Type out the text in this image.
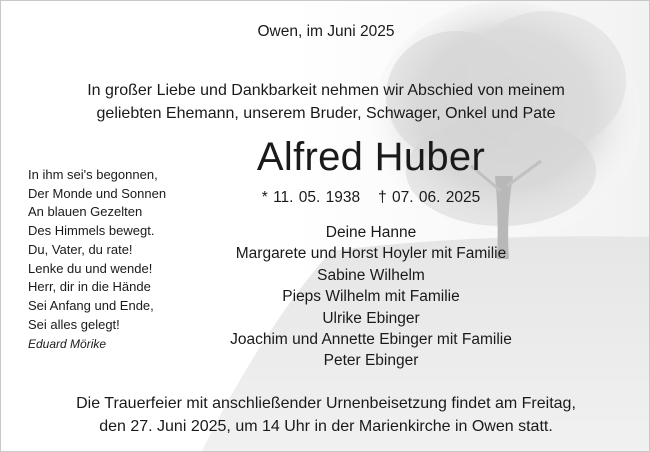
Owen, im Juni 2025
In großer Liebe und Dankbarkeit nehmen wir Abschied von meinem
geliebten Ehemann, unserem Bruder, Schwager, Onkel und Pate
Alfred Huber
* 11. 05. 1938 † 07. 06. 2025
In ihm sei's begonnen,
Der Monde und Sonnen
An blauen Gezelten
Des Himmels bewegt.
Du, Vater, du rate!
Lenke du und wende!
Herr, dir in die Hände
Sei Anfang und Ende,
Sei alles gelegt!
Eduard Mörike
Deine Hanne
Margarete und Horst Hoyler mit Familie
Sabine Wilhelm
Pieps Wilhelm mit Familie
Ulrike Ebinger
Joachim und Annette Ebinger mit Familie
Peter Ebinger
Die Trauerfeier mit anschließender Urnenbeisetzung findet am Freitag,
den 27. Juni 2025, um 14 Uhr in der Marienkirche in Owen statt.
